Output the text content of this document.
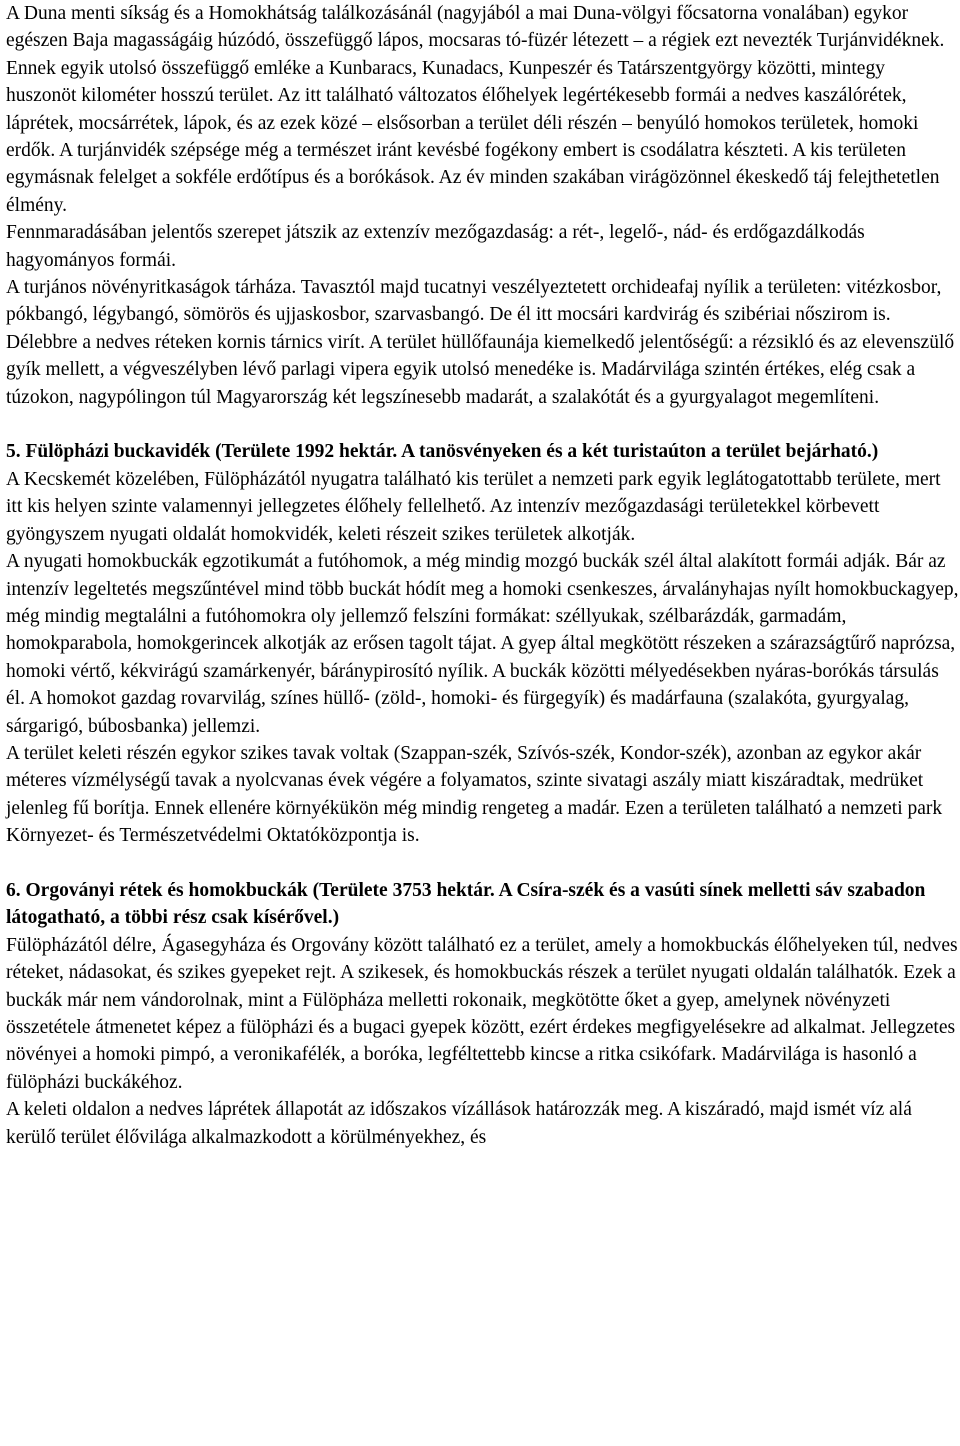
A Duna menti síkság és a Homokhátság találkozásánál (nagyjából a mai Duna-völgyi főcsatorna vonalában) egykor egészen Baja magasságáig húzódó, összefüggő lápos, mocsaras tó-füzér létezett – a régiek ezt nevezték Turjánvidéknek. Ennek egyik utolsó összefüggő emléke a Kunbaracs, Kunadacs, Kunpeszér és Tatárszentgyörgy közötti, mintegy huszonöt kilométer hosszú terület. Az itt található változatos élőhelyek legértékesebb formái a nedves kaszálórétek, láprétek, mocsárrétek, lápok, és az ezek közé – elsősorban a terület déli részén – benyúló homokos területek, homoki erdők. A turjánvidék szépsége még a természet iránt kevésbé fogékony embert is csodálatra készteti. A kis területen egymásnak felelget a sokféle erdőtípus és a borókások. Az év minden szakában virágözönnel ékeskedő táj felejthetetlen élmény.

Fennmaradásában jelentős szerepet játszik az extenzív mezőgazdaság: a rét-, legelő-, nád- és erdőgazdálkodás hagyományos formái.

A turjános növényritkaságok tárháza. Tavasztól majd tucatnyi veszélyeztetett orchideafaj nyílik a területen: vitézkosbor, pókbangó, légybangó, sömörös és ujjaskosbor, szarvasbangó. De él itt mocsári kardvirág és szibériai nőszirom is. Délebbre a nedves réteken kornis tárnics virít. A terület hüllőfaunája kiemelkedő jelentőségű: a rézsikló és az elevenszülő gyík mellett, a végveszélyben lévő parlagi vipera egyik utolsó menedéke is. Madárvilága szintén értékes, elég csak a túzokon, nagypólingon túl Magyarország két legszínesebb madarát, a szalakótát és a gyurgyalagot megemlíteni.

5. Fülöpházi buckavidék (Területe 1992 hektár. A tanösvényeken és a két turistaúton a terület bejárható.)

A Kecskemét közelében, Fülöpházától nyugatra található kis terület a nemzeti park egyik leglátogatottabb területe, mert itt kis helyen szinte valamennyi jellegzetes élőhely fellelhető. Az intenzív mezőgazdasági területekkel körbevett gyöngyszem nyugati oldalát homokvidék, keleti részeit szikes területek alkotják.

A nyugati homokbuckák egzotikumát a futóhomok, a még mindig mozgó buckák szél által alakított formái adják. Bár az intenzív legeltetés megszűntével mind több buckát hódít meg a homoki csenkeszes, árvalányhajas nyílt homokbuckagyep, még mindig megtalálni a futóhomokra oly jellemző felszíni formákat: széllyukak, szélbarázdák, garmadám, homokparabola, homokgerincek alkotják az erősen tagolt tájat. A gyep által megkötött részeken a szárazságtűrő naprózsa, homoki vértő, kékvirágú szamárkenyér, báránypirosító nyílik. A buckák közötti mélyedésekben nyáras-borókás társulás él. A homokot gazdag rovarvilág, színes hüllő- (zöld-, homoki- és fürgegyík) és madárfauna (szalakóta, gyurgyalag, sárgarigó, búbosbanka) jellemzi.

A terület keleti részén egykor szikes tavak voltak (Szappan-szék, Szívós-szék, Kondor-szék), azonban az egykor akár méteres vízmélységű tavak a nyolcvanas évek végére a folyamatos, szinte sivatagi aszály miatt kiszáradtak, medrüket jelenleg fű borítja. Ennek ellenére környékükön még mindig rengeteg a madár. Ezen a területen található a nemzeti park Környezet- és Természetvédelmi Oktatóközpontja is.

6. Orgoványi rétek és homokbuckák (Területe 3753 hektár. A Csíra-szék és a vasúti sínek melletti sáv szabadon látogatható, a többi rész csak kísérővel.)

Fülöpházától délre, Ágasegyháza és Orgovány között található ez a terület, amely a homokbuckás élőhelyeken túl, nedves réteket, nádasokat, és szikes gyepeket rejt. A szikesek, és homokbuckás részek a terület nyugati oldalán találhatók. Ezek a buckák már nem vándorolnak, mint a Fülöpháza melletti rokonaik, megkötötte őket a gyep, amelynek növényzeti összetétele átmenetet képez a fülöpházi és a bugaci gyepek között, ezért érdekes megfigyelésekre ad alkalmat. Jellegzetes növényei a homoki pimpó, a veronikafélék, a boróka, legféltettebb kincse a ritka csikófark. Madárvilága is hasonló a fülöpházi buckákéhoz.

A keleti oldalon a nedves láprétek állapotát az időszakos vízállások határozzák meg. A kiszáradó, majd ismét víz alá kerülő terület élővilága alkalmazkodott a körülményekhez, és
